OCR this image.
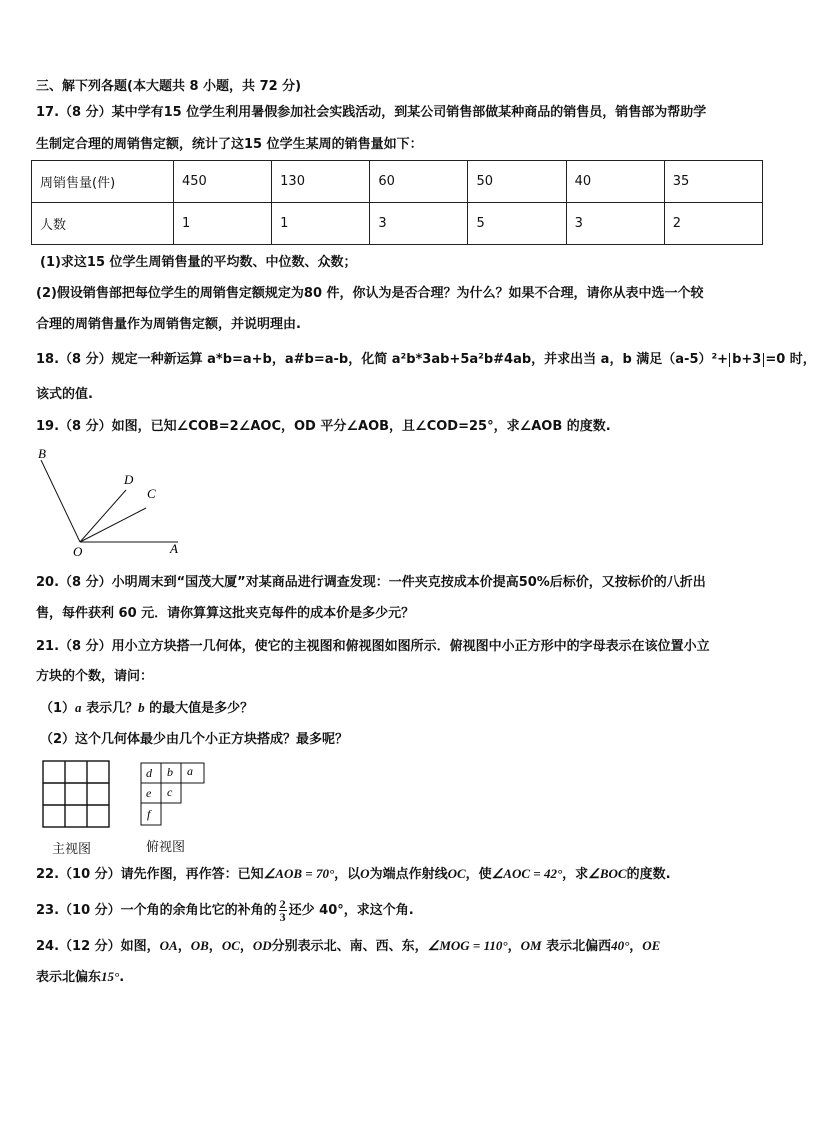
三、解下列各题(本大题共 8 小题，共 72 分)
17.（8 分）某中学有15 位学生利用暑假参加社会实践活动，到某公司销售部做某种商品的销售员，销售部为帮助学
生制定合理的周销售定额，统计了这15 位学生某周的销售量如下：
周销售量(件)	450	130	60	50	40	35
人数	1	1	3	5	3	2
(1)求这15 位学生周销售量的平均数、中位数、众数；
(2)假设销售部把每位学生的周销售定额规定为80 件，你认为是否合理？为什么？如果不合理，请你从表中选一个较
合理的周销售量作为周销售定额，并说明理由.
18.（8 分）规定一种新运算 a*b=a+b，a#b=a-b，化简 a²b*3ab+5a²b#4ab，并求出当 a，b 满足（a-5）²+ b+3 =0 时，
该式的值.
19.（8 分）如图，已知∠COB=2∠AOC，OD 平分∠AOB，且∠COD=25°，求∠AOB 的度数.
B
D
C
O	A
20.（8 分）小明周末到“国茂大厦”对某商品进行调查发现：一件夹克按成本价提高50%后标价，又按标价的八折出
售，每件获利 60 元．请你算算这批夹克每件的成本价是多少元？
21.（8 分）用小立方块搭一几何体，使它的主视图和俯视图如图所示．俯视图中小正方形中的字母表示在该位置小立
方块的个数，请问：
（1）a 表示几？b 的最大值是多少？
（2）这个几何体最少由几个小正方块搭成？最多呢？
主视图
d b a
e c
f
俯视图
22.（10 分）请先作图，再作答：已知∠AOB = 70°，以O为端点作射线OC，使∠AOC = 42°，求∠BOC的度数.
23.（10 分）一个角的余角比它的补角的 $\frac{2}{3}$ 还少 40°，求这个角.
24.（12 分）如图，OA，OB，OC，OD分别表示北、南、西、东，∠MOG = 110°，OM 表示北偏西40°，OE
表示北偏东15°.
